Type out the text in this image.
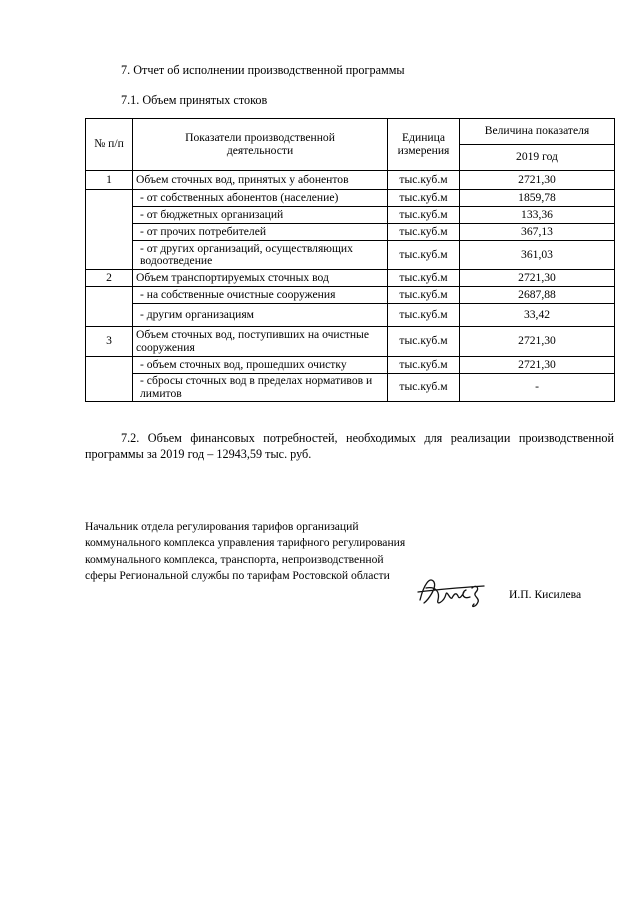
7. Отчет об исполнении производственной программы
7.1. Объем принятых стоков
№ п/п	Показатели производственной деятельности	Единица измерения	Величина показателя
			2019 год
1	Объем сточных вод, принятых у абонентов	тыс.куб.м	2721,30
	- от собственных абонентов (население)	тыс.куб.м	1859,78
	- от бюджетных организаций	тыс.куб.м	133,36
	- от прочих потребителей	тыс.куб.м	367,13
	- от других организаций, осуществляющих водоотведение	тыс.куб.м	361,03
2	Объем транспортируемых сточных вод	тыс.куб.м	2721,30
	- на собственные очистные сооружения	тыс.куб.м	2687,88
	- другим организациям	тыс.куб.м	33,42
3	Объем сточных вод, поступивших на очистные сооружения	тыс.куб.м	2721,30
	- объем сточных вод, прошедших очистку	тыс.куб.м	2721,30
	- сбросы сточных вод в пределах нормативов и лимитов	тыс.куб.м	-

7.2. Объем финансовых потребностей, необходимых для реализации производственной программы за 2019 год – 12943,59 тыс. руб.

Начальник отдела регулирования тарифов организаций коммунального комплекса управления тарифного регулирования коммунального комплекса, транспорта, непроизводственной сферы Региональной службы по тарифам Ростовской области

И.П. Кисилева
